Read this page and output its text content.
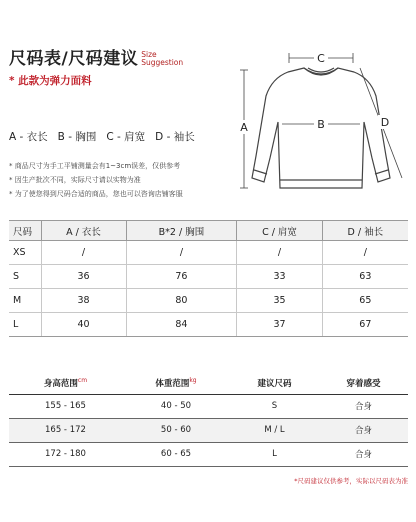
尺码表/尺码建议 Size
Suggestion
* 此款为弹力面料
A - 衣长   B - 胸围   C - 肩宽   D - 袖长
* 商品尺寸为手工平铺测量会有1~3cm误差，仅供参考
* 因生产批次不同，实际尺寸请以实物为准
* 为了使您得到尺码合适的商品，您也可以咨询店铺客服
C
B
A	D
尺码	A / 衣长	B*2 / 胸围	C / 肩宽	D / 袖长
XS	/	/	/	/
S	36	76	33	63
M	38	80	35	65
L	40	84	37	67
身高范围$^{cm}$	体重范围$^{kg}$	建议尺码	穿着感受
155 - 165	40 - 50	S	合身
165 - 172	50 - 60	M / L	合身
172 - 180	60 - 65	L	合身
*尺码建议仅供参考，实际以尺码表为准
